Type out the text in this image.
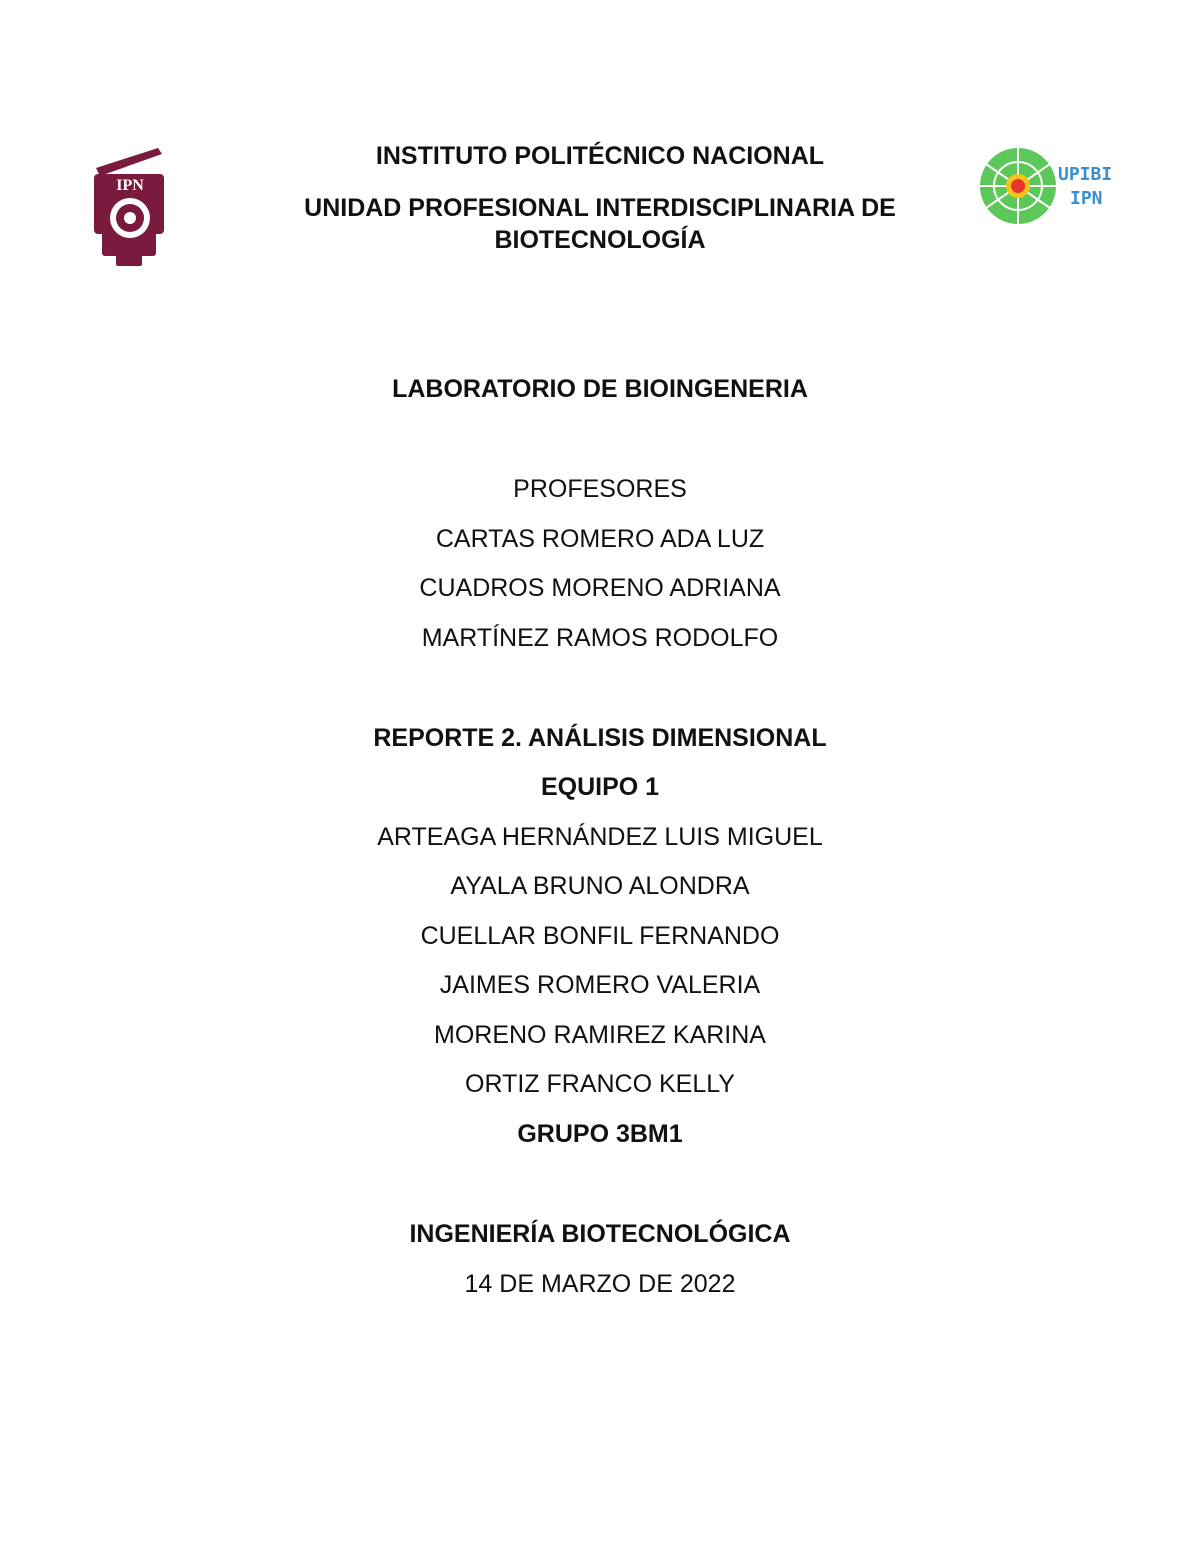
IPN
UPIBI
IPN
INSTITUTO POLITÉCNICO NACIONAL
UNIDAD PROFESIONAL INTERDISCIPLINARIA DE
BIOTECNOLOGÍA
LABORATORIO DE BIOINGENERIA
PROFESORES
CARTAS ROMERO ADA LUZ
CUADROS MORENO ADRIANA
MARTÍNEZ RAMOS RODOLFO
REPORTE 2. ANÁLISIS DIMENSIONAL
EQUIPO 1
ARTEAGA HERNÁNDEZ LUIS MIGUEL
AYALA BRUNO ALONDRA
CUELLAR BONFIL FERNANDO
JAIMES ROMERO VALERIA
MORENO RAMIREZ KARINA
ORTIZ FRANCO KELLY
GRUPO 3BM1
INGENIERÍA BIOTECNOLÓGICA
14 DE MARZO DE 2022
